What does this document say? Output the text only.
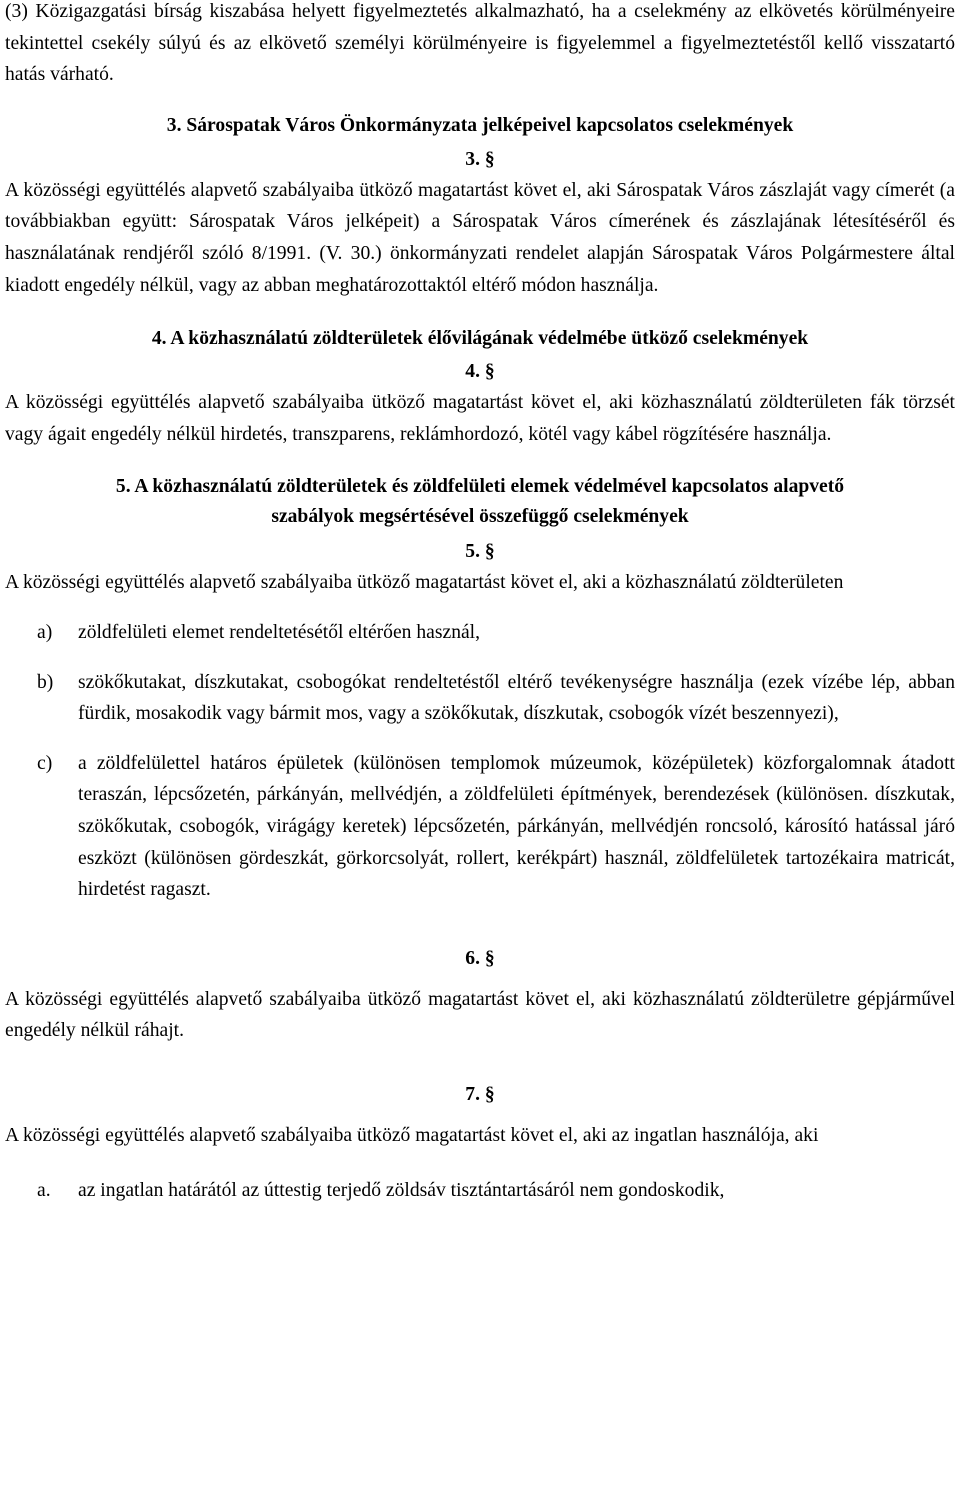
(3) Közigazgatási bírság kiszabása helyett figyelmeztetés alkalmazható, ha a cselekmény az elkövetés körülményeire tekintettel csekély súlyú és az elkövető személyi körülményeire is figyelemmel a figyelmeztetéstől kellő visszatartó hatás várható.

3. Sárospatak Város Önkormányzata jelképeivel kapcsolatos cselekmények

3. §

A közösségi együttélés alapvető szabályaiba ütköző magatartást követ el, aki Sárospatak Város zászlaját vagy címerét (a továbbiakban együtt: Sárospatak Város jelképeit) a Sárospatak Város címerének és zászlajának létesítéséről és használatának rendjéről szóló 8/1991. (V. 30.) önkormányzati rendelet alapján Sárospatak Város Polgármestere által kiadott engedély nélkül, vagy az abban meghatározottaktól eltérő módon használja.

4. A közhasználatú zöldterületek élővilágának védelmébe ütköző cselekmények

4. §

A közösségi együttélés alapvető szabályaiba ütköző magatartást követ el, aki közhasználatú zöldterületen fák törzsét vagy ágait engedély nélkül hirdetés, transzparens, reklámhordozó, kötél vagy kábel rögzítésére használja.

5. A közhasználatú zöldterületek és zöldfelületi elemek védelmével kapcsolatos alapvető

szabályok megsértésével összefüggő cselekmények

5. §

A közösségi együttélés alapvető szabályaiba ütköző magatartást követ el, aki a közhasználatú zöldterületen

a) zöldfelületi elemet rendeltetésétől eltérően használ,
b) szökőkutakat, díszkutakat, csobogókat rendeltetéstől eltérő tevékenységre használja (ezek vízébe lép, abban fürdik, mosakodik vagy bármit mos, vagy a szökőkutak, díszkutak, csobogók vízét beszennyezi),
c) a zöldfelülettel határos épületek (különösen templomok múzeumok, középületek) közforgalomnak átadott teraszán, lépcsőzetén, párkányán, mellvédjén, a zöldfelületi építmények, berendezések (különösen. díszkutak, szökőkutak, csobogók, virágágy keretek) lépcsőzetén, párkányán, mellvédjén roncsoló, károsító hatással járó eszközt (különösen gördeszkát, görkorcsolyát, rollert, kerékpárt) használ, zöldfelületek tartozékaira matricát, hirdetést ragaszt.

6. §

A közösségi együttélés alapvető szabályaiba ütköző magatartást követ el, aki közhasználatú zöldterületre gépjárművel engedély nélkül ráhajt.

7. §

A közösségi együttélés alapvető szabályaiba ütköző magatartást követ el, aki az ingatlan használója, aki

a. az ingatlan határától az úttestig terjedő zöldsáv tisztántartásáról nem gondoskodik,
